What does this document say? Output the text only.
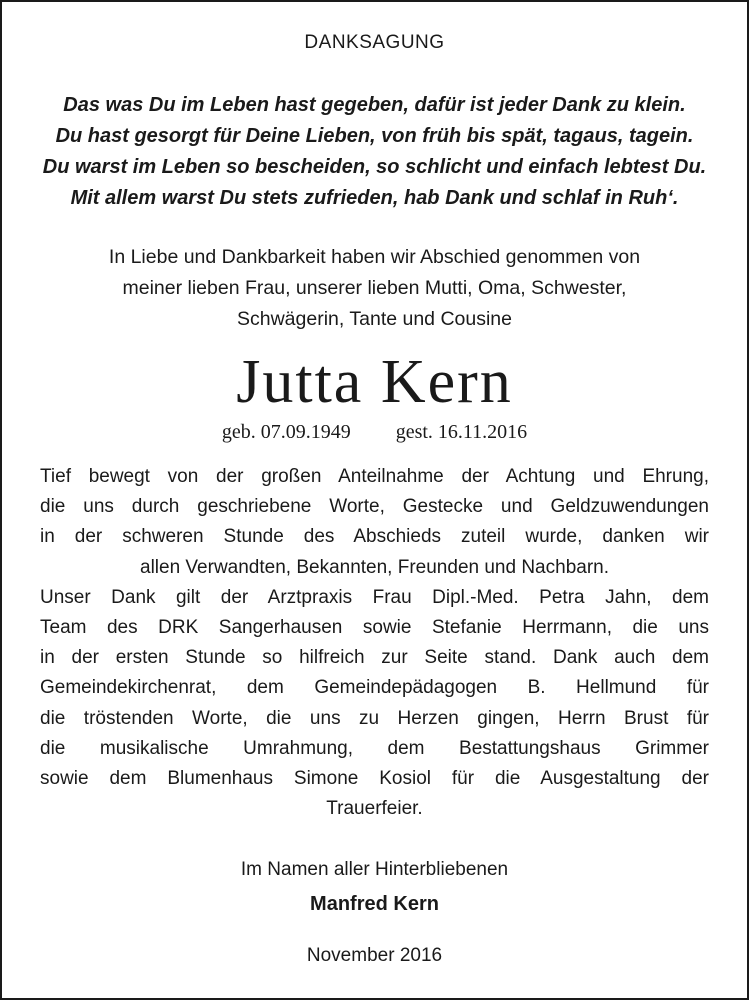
DANKSAGUNG
Das was Du im Leben hast gegeben, dafür ist jeder Dank zu klein.
Du hast gesorgt für Deine Lieben, von früh bis spät, tagaus, tagein.
Du warst im Leben so bescheiden, so schlicht und einfach lebtest Du.
Mit allem warst Du stets zufrieden, hab Dank und schlaf in Ruh‘.
In Liebe und Dankbarkeit haben wir Abschied genommen von
meiner lieben Frau, unserer lieben Mutti, Oma, Schwester,
Schwägerin, Tante und Cousine
Jutta Kern
geb. 07.09.1949 gest. 16.11.2016
Tief bewegt von der großen Anteilnahme der Achtung und Ehrung,
die uns durch geschriebene Worte, Gestecke und Geldzuwendungen
in der schweren Stunde des Abschieds zuteil wurde, danken wir
allen Verwandten, Bekannten, Freunden und Nachbarn.
Unser Dank gilt der Arztpraxis Frau Dipl.-Med. Petra Jahn, dem
Team des DRK Sangerhausen sowie Stefanie Herrmann, die uns
in der ersten Stunde so hilfreich zur Seite stand. Dank auch dem
Gemeindekirchenrat, dem Gemeindepädagogen B. Hellmund für
die tröstenden Worte, die uns zu Herzen gingen, Herrn Brust für
die musikalische Umrahmung, dem Bestattungshaus Grimmer
sowie dem Blumenhaus Simone Kosiol für die Ausgestaltung der
Trauerfeier.
Im Namen aller Hinterbliebenen
Manfred Kern
November 2016
